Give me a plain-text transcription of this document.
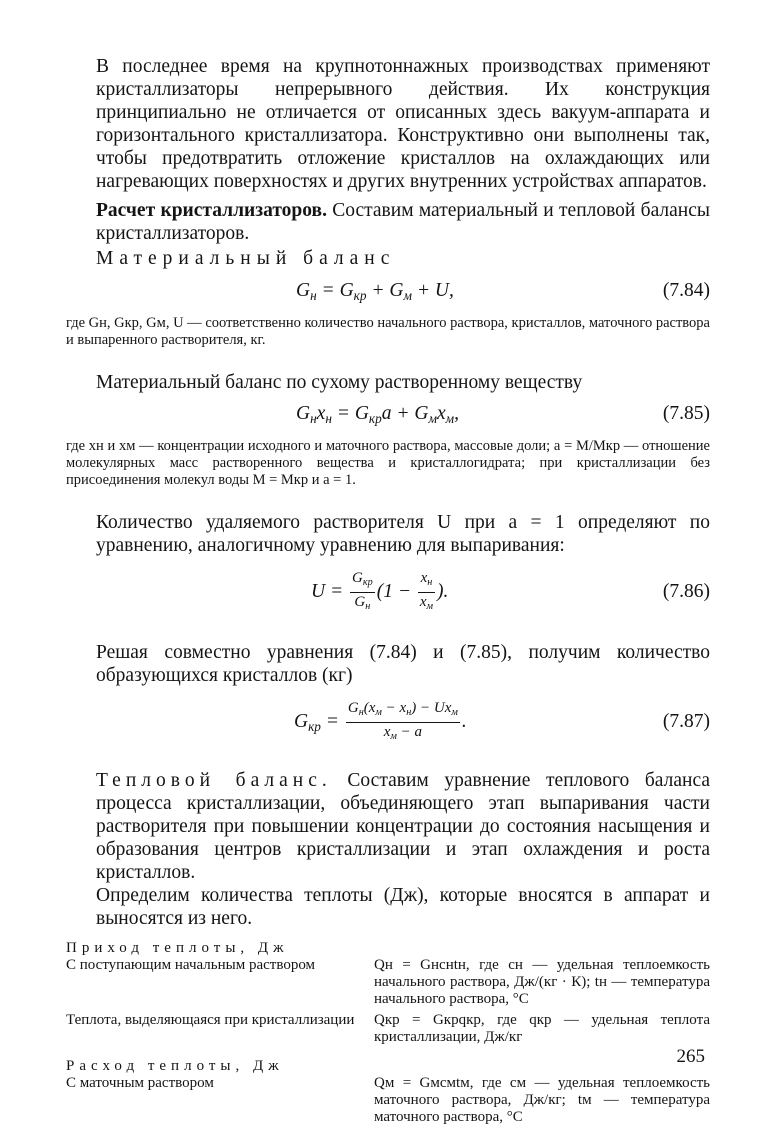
В последнее время на крупнотоннажных производствах применяют кристаллизаторы непрерывного действия. Их конструкция принципиально не отличается от описанных здесь вакуум-аппарата и горизонтального кристаллизатора. Конструктивно они выполнены так, чтобы предотвратить отложение кристаллов на охлаждающих или нагревающих поверхностях и других внутренних устройствах аппаратов.

Расчет кристаллизаторов. Составим материальный и тепловой балансы кристаллизаторов.

Материальный баланс
$G_н = G_{кр} + G_м + U$,	(7.84)

где Gн, Gкр, Gм, U — соответственно количество начального раствора, кристаллов, маточного раствора и выпаренного растворителя, кг.

Материальный баланс по сухому растворенному веществу

$G_нx_н = G_{кр}a + G_мx_м$,	(7.85)

где xн и xм — концентрации исходного и маточного раствора, массовые доли; a = M/Mкр — отношение молекулярных масс растворенного вещества и кристаллогидрата; при кристаллизации без присоединения молекул воды M = Mкр и a = 1.

Количество удаляемого растворителя U при a = 1 определяют по уравнению, аналогичному уравнению для выпаривания:

$U = \frac{G_{кр}}{G_н} (1 - \frac{x_н}{x_м}$ ).	(7.86)

Решая совместно уравнения (7.84) и (7.85), получим количество образующихся кристаллов (кг)

$G_{кр} = \frac{G_н(x_м - x_н) - Ux_м}{x_м - a}$ .	(7.87)

Тепловой баланс. Составим уравнение теплового баланса процесса кристаллизации, объединяющего этап выпаривания части растворителя при повышении концентрации до состояния насыщения и образования центров кристаллизации и этап охлаждения и роста кристаллов.

Определим количества теплоты (Дж), которые вносятся в аппарат и выносятся из него.

Приход теплоты, Дж
С поступающим начальным раствором	Qн = Gнcнtн, где cн — удельная теплоемкость начального раствора, Дж/(кг · К); tн — температура начального раствора, °С
Теплота, выделяющаяся при кристаллизации	Qкр = Gкрqкр, где qкр — удельная теплота кристаллизации, Дж/кг
Расход теплоты, Дж
С маточным раствором	Qм = Gмcмtм, где cм — удельная теплоемкость маточного раствора, Дж/кг; tм — температура маточного раствора, °С
265
